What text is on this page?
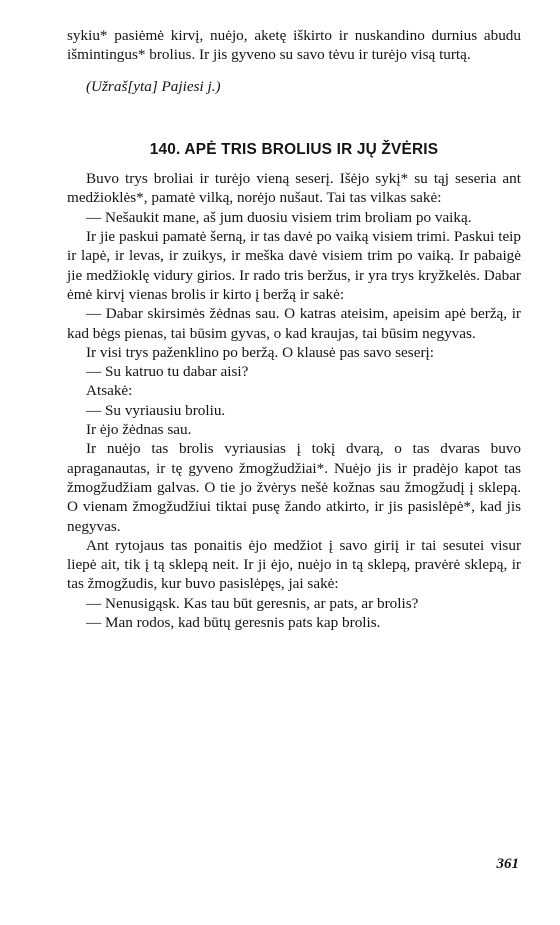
sykiu* pasiėmė kirvį, nuėjo, aketę iškirto ir nuskandino durnius abudu išmintingus* brolius. Ir jis gyveno su savo tėvu ir turėjo visą turtą.

(Užraš[yta] Pajiesi j.)

140. APĖ TRIS BROLIUS IR JŲ ŽVĖRIS

Buvo trys broliai ir turėjo vieną seserį. Išėjo sykį* su tąj seseria ant medžioklės*, pamatė vilką, norėjo nušaut. Tai tas vilkas sakė:

— Nešaukit mane, aš jum duosiu visiem trim broliam po vaiką.

Ir jie paskui pamatė šerną, ir tas davė po vaiką visiem trimi. Paskui teip ir lapė, ir levas, ir zuikys, ir meška davė visiem trim po vaiką. Ir pabaigė jie medžioklę vidury girios. Ir rado tris beržus, ir yra trys kryžkelės. Dabar ėmė kirvį vienas brolis ir kirto į beržą ir sakė:

— Dabar skirsimės žėdnas sau. O katras ateisim, apeisim apė beržą, ir kad bėgs pienas, tai būsim gyvas, o kad kraujas, tai būsim negyvas.

Ir visi trys paženklino po beržą. O klausė pas savo seserį:

— Su katruo tu dabar aisi?

Atsakė:

— Su vyriausiu broliu.

Ir ėjo žėdnas sau.

Ir nuėjo tas brolis vyriausias į tokį dvarą, o tas dvaras buvo apraganautas, ir tę gyveno žmogžudžiai*. Nuėjo jis ir pradėjo kapot tas žmogžudžiam galvas. O tie jo žvėrys nešė kožnas sau žmogžudį į sklepą. O vienam žmogžudžiui tiktai pusę žando atkirto, ir jis pasislėpė*, kad jis negyvas.

Ant rytojaus tas ponaitis ėjo medžiot į savo giriį ir tai sesutei visur liepė ait, tik į tą sklepą neit. Ir ji ėjo, nuėjo in tą sklepą, pravėrė sklepą, ir tas žmogžudis, kur buvo pasislėpęs, jai sakė:

— Nenusigąsk. Kas tau būt geresnis, ar pats, ar brolis?

— Man rodos, kad būtų geresnis pats kap brolis.

361
